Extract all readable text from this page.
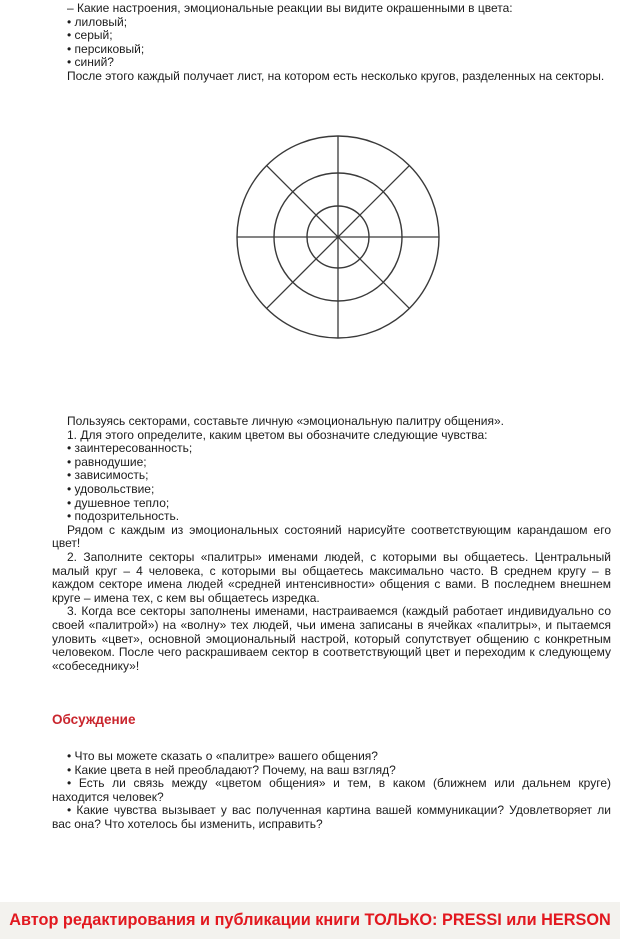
– Какие настроения, эмоциональные реакции вы видите окрашенными в цвета:

• лиловый;

• серый;

• персиковый;

• синий?

После этого каждый получает лист, на котором есть несколько кругов, разделенных на секторы.

Пользуясь секторами, составьте личную «эмоциональную палитру общения».

1. Для этого определите, каким цветом вы обозначите следующие чувства:

• заинтересованность;

• равнодушие;

• зависимость;

• удовольствие;

• душевное тепло;

• подозрительность.

Рядом с каждым из эмоциональных состояний нарисуйте соответствующим карандашом его цвет!

2. Заполните секторы «палитры» именами людей, с которыми вы общаетесь. Центральный малый круг – 4 человека, с которыми вы общаетесь максимально часто. В среднем кругу – в каждом секторе имена людей «средней интенсивности» общения с вами. В последнем внешнем круге – имена тех, с кем вы общаетесь изредка.

3. Когда все секторы заполнены именами, настраиваемся (каждый работает индивидуально со своей «палитрой») на «волну» тех людей, чьи имена записаны в ячейках «палитры», и пытаемся уловить «цвет», основной эмоциональный настрой, который сопутствует общению с конкретным человеком. После чего раскрашиваем сектор в соответствующий цвет и переходим к следующему «собеседнику»!

Обсуждение

• Что вы можете сказать о «палитре» вашего общения?

• Какие цвета в ней преобладают? Почему, на ваш взгляд?

• Есть ли связь между «цветом общения» и тем, в каком (ближнем или дальнем круге) находится человек?

• Какие чувства вызывает у вас полученная картина вашей коммуникации? Удовлетворяет ли вас она? Что хотелось бы изменить, исправить?

Автор редактирования и публикации книги ТОЛЬКО: PRESSI или HERSON
